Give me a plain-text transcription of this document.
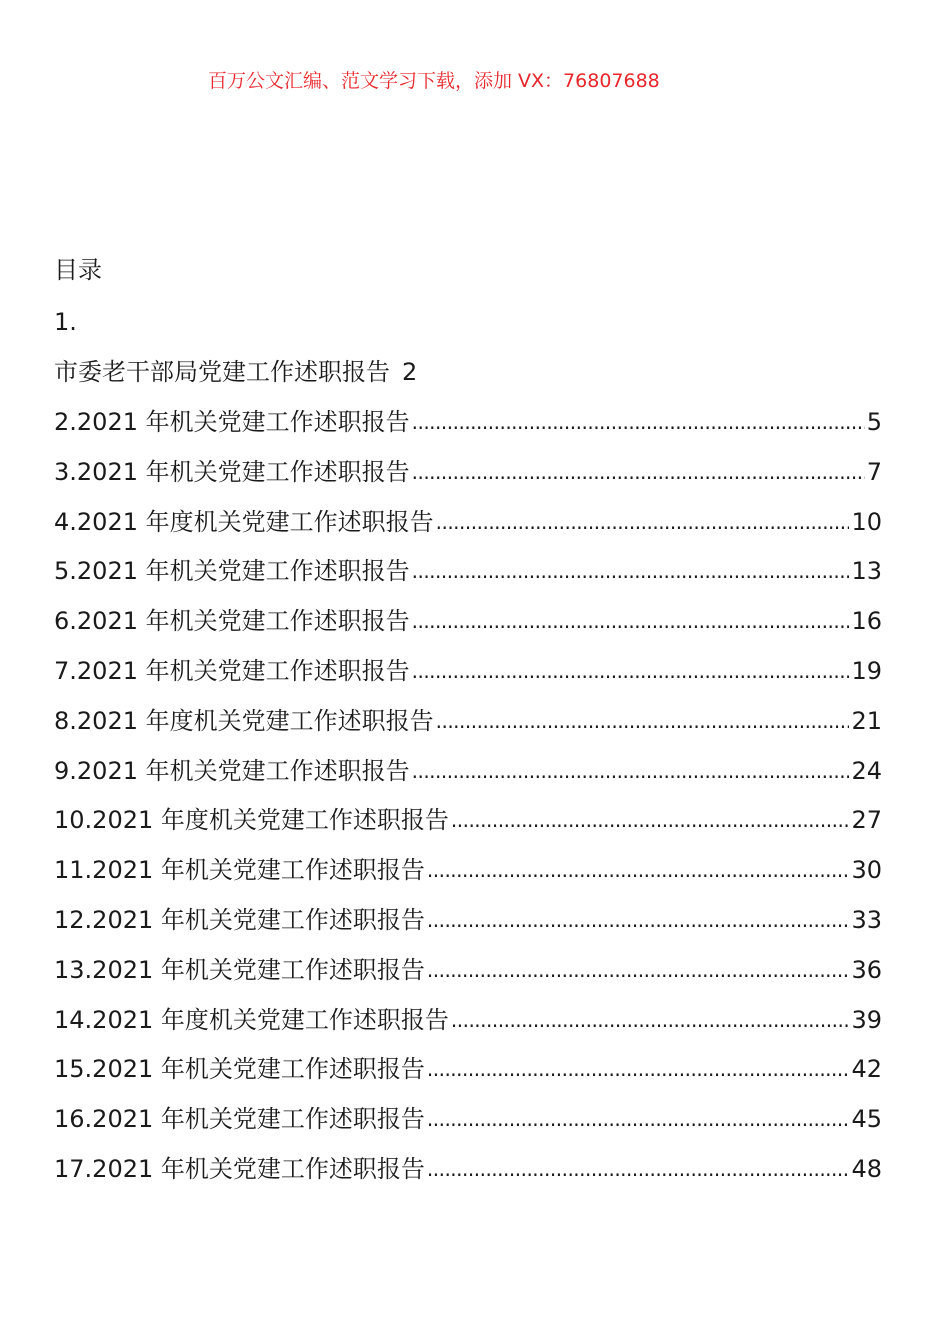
百万公文汇编、范文学习下载，添加 VX：76807688
目录
1.
市委老干部局党建工作述职报告 2
2.2021 年机关党建工作述职报告 .....	5
3.2021 年机关党建工作述职报告 .....	7
4.2021 年度机关党建工作述职报告 .....	10
5.2021 年机关党建工作述职报告 .....	13
6.2021 年机关党建工作述职报告 .....	16
7.2021 年机关党建工作述职报告 .....	19
8.2021 年度机关党建工作述职报告 .....	21
9.2021 年机关党建工作述职报告 .....	24
10.2021 年度机关党建工作述职报告 .....	27
11.2021 年机关党建工作述职报告 .....	30
12.2021 年机关党建工作述职报告 .....	33
13.2021 年机关党建工作述职报告 .....	36
14.2021 年度机关党建工作述职报告 .....	39
15.2021 年机关党建工作述职报告 .....	42
16.2021 年机关党建工作述职报告 .....	45
17.2021 年机关党建工作述职报告 .....	48
